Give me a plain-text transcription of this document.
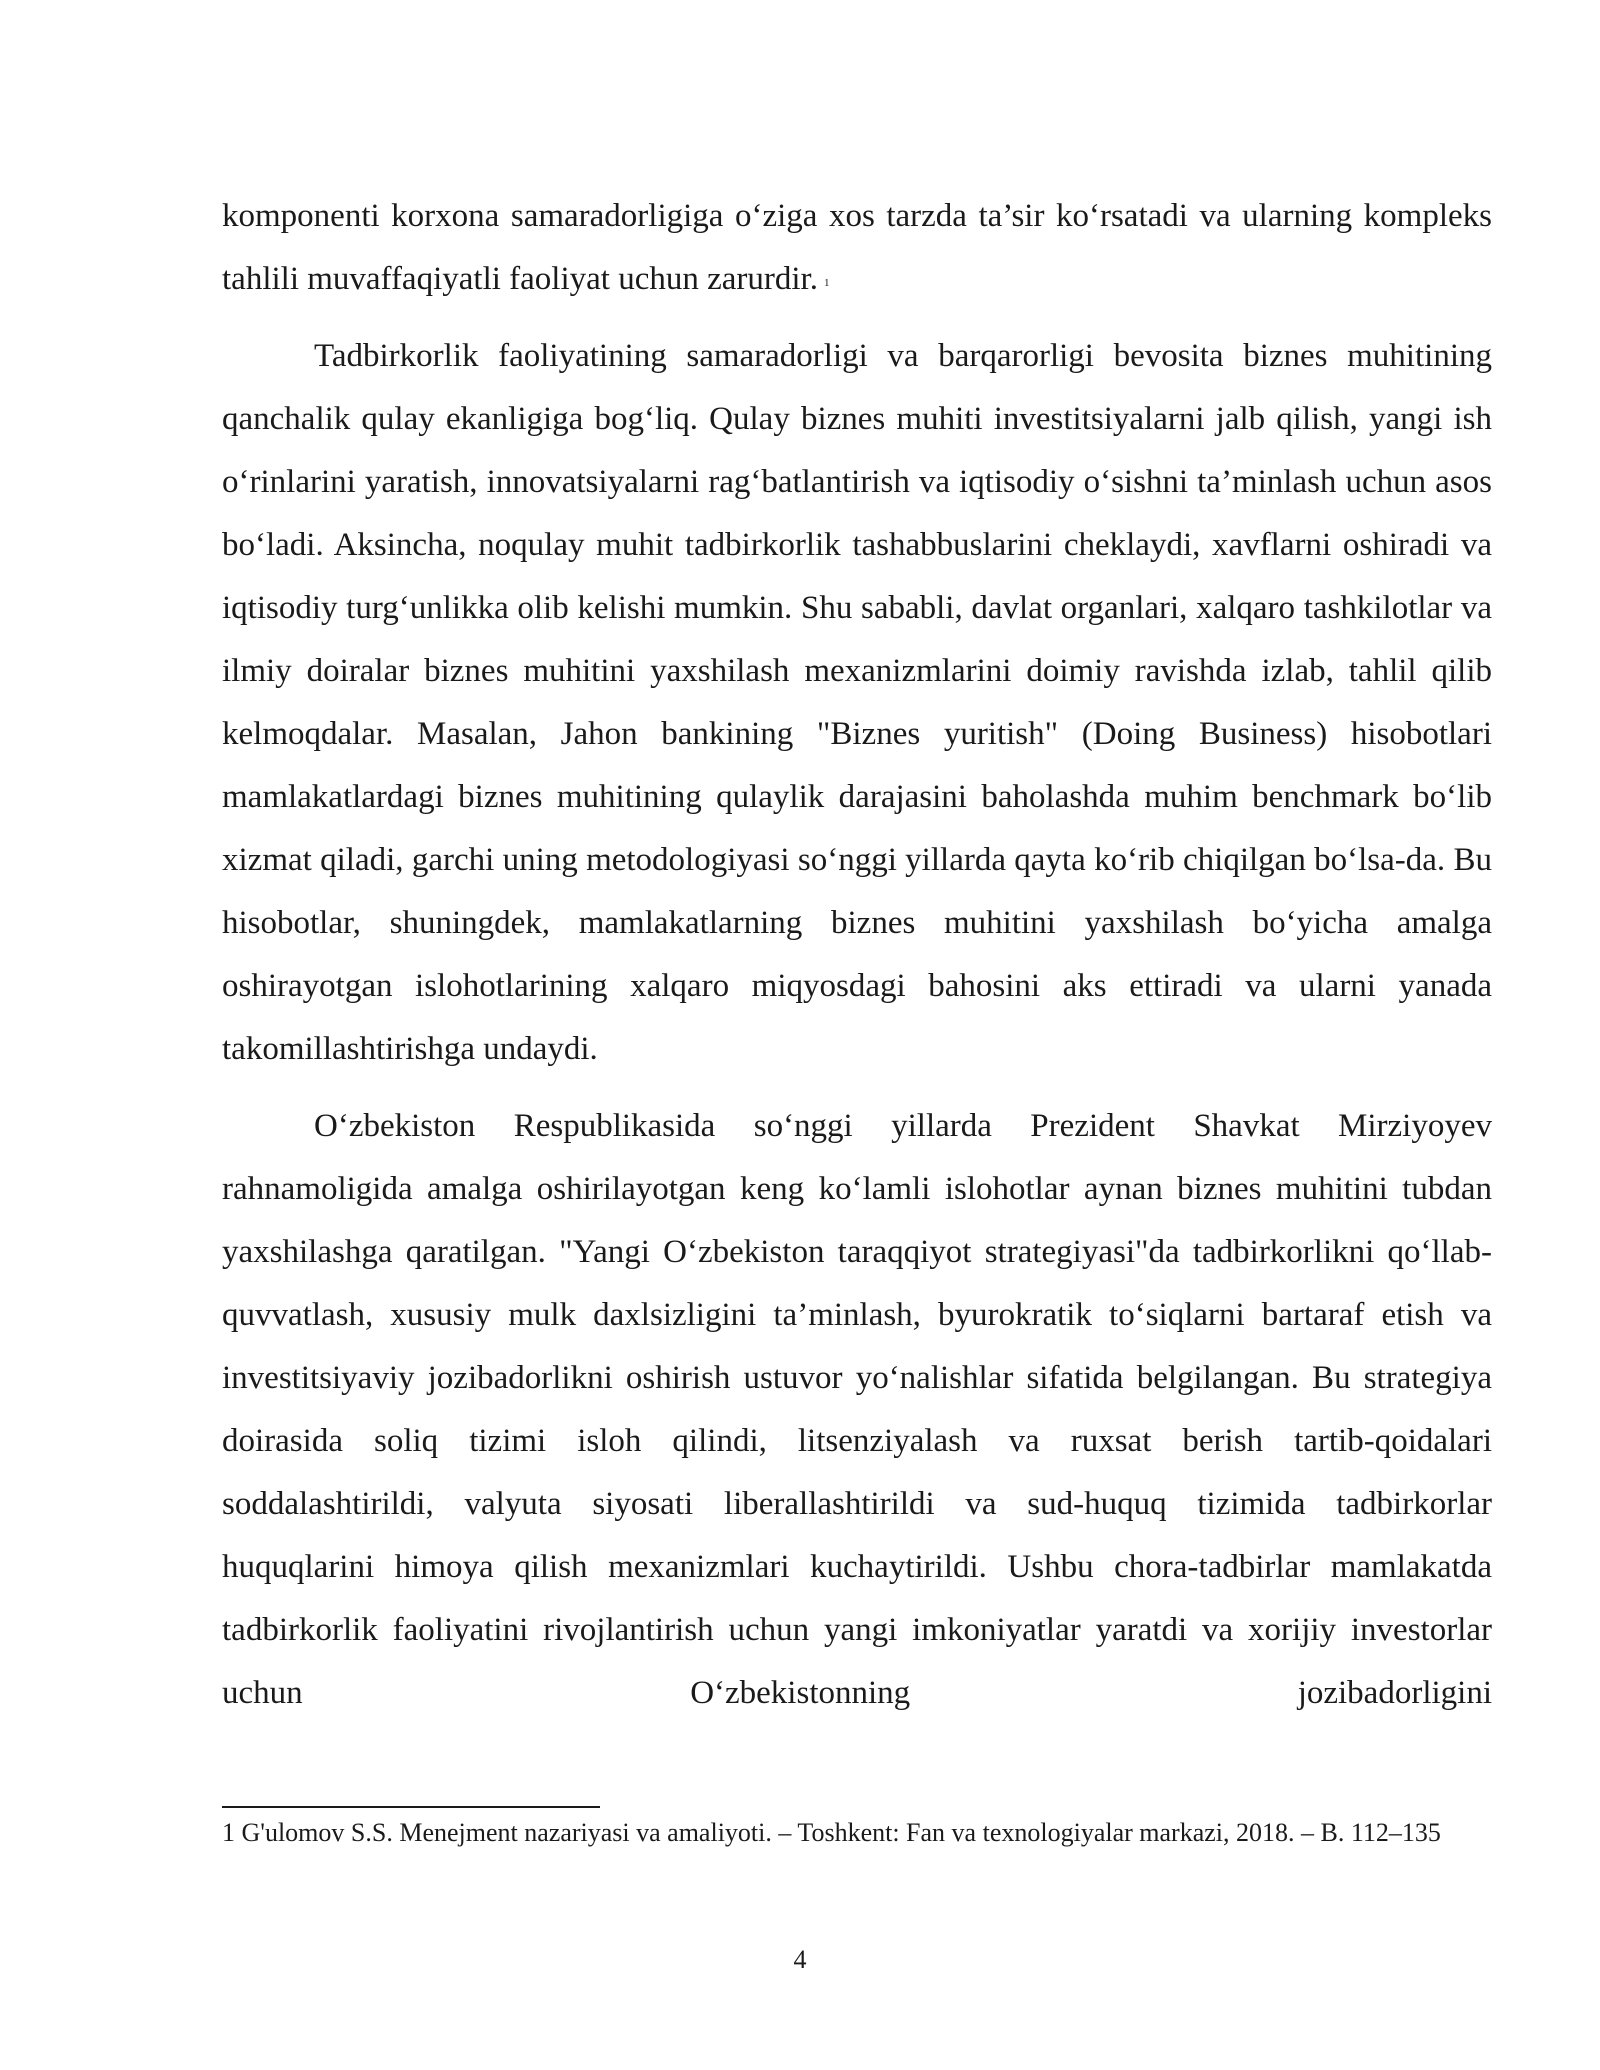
komponenti korxona samaradorligiga o‘ziga xos tarzda ta’sir ko‘rsatadi va ularning kompleks tahlili muvaffaqiyatli faoliyat uchun zarurdir. $^1$

Tadbirkorlik faoliyatining samaradorligi va barqarorligi bevosita biznes muhitining qanchalik qulay ekanligiga bog‘liq. Qulay biznes muhiti investitsiyalarni jalb qilish, yangi ish o‘rinlarini yaratish, innovatsiyalarni rag‘batlantirish va iqtisodiy o‘sishni ta’minlash uchun asos bo‘ladi. Aksincha, noqulay muhit tadbirkorlik tashabbuslarini cheklaydi, xavflarni oshiradi va iqtisodiy turg‘unlikka olib kelishi mumkin. Shu sababli, davlat organlari, xalqaro tashkilotlar va ilmiy doiralar biznes muhitini yaxshilash mexanizmlarini doimiy ravishda izlab, tahlil qilib kelmoqdalar. Masalan, Jahon bankining "Biznes yuritish" (Doing Business) hisobotlari mamlakatlardagi biznes muhitining qulaylik darajasini baholashda muhim benchmark bo‘lib xizmat qiladi, garchi uning metodologiyasi so‘nggi yillarda qayta ko‘rib chiqilgan bo‘lsa-da. Bu hisobotlar, shuningdek, mamlakatlarning biznes muhitini yaxshilash bo‘yicha amalga oshirayotgan islohotlarining xalqaro miqyosdagi bahosini aks ettiradi va ularni yanada takomillashtirishga undaydi.

O‘zbekiston Respublikasida so‘nggi yillarda Prezident Shavkat Mirziyoyev rahnamoligida amalga oshirilayotgan keng ko‘lamli islohotlar aynan biznes muhitini tubdan yaxshilashga qaratilgan. "Yangi O‘zbekiston taraqqiyot strategiyasi"da tadbirkorlikni qo‘llab-quvvatlash, xususiy mulk daxlsizligini ta’minlash, byurokratik to‘siqlarni bartaraf etish va investitsiyaviy jozibadorlikni oshirish ustuvor yo‘nalishlar sifatida belgilangan. Bu strategiya doirasida soliq tizimi isloh qilindi, litsenziyalash va ruxsat berish tartib-qoidalari soddalashtirildi, valyuta siyosati liberallashtirildi va sud-huquq tizimida tadbirkorlar huquqlarini himoya qilish mexanizmlari kuchaytirildi. Ushbu chora-tadbirlar mamlakatda tadbirkorlik faoliyatini rivojlantirish uchun yangi imkoniyatlar yaratdi va xorijiy investorlar uchun O‘zbekistonning jozibadorligini

1 G'ulomov S.S. Menejment nazariyasi va amaliyoti. – Toshkent: Fan va texnologiyalar markazi, 2018. – B. 112–135

4
